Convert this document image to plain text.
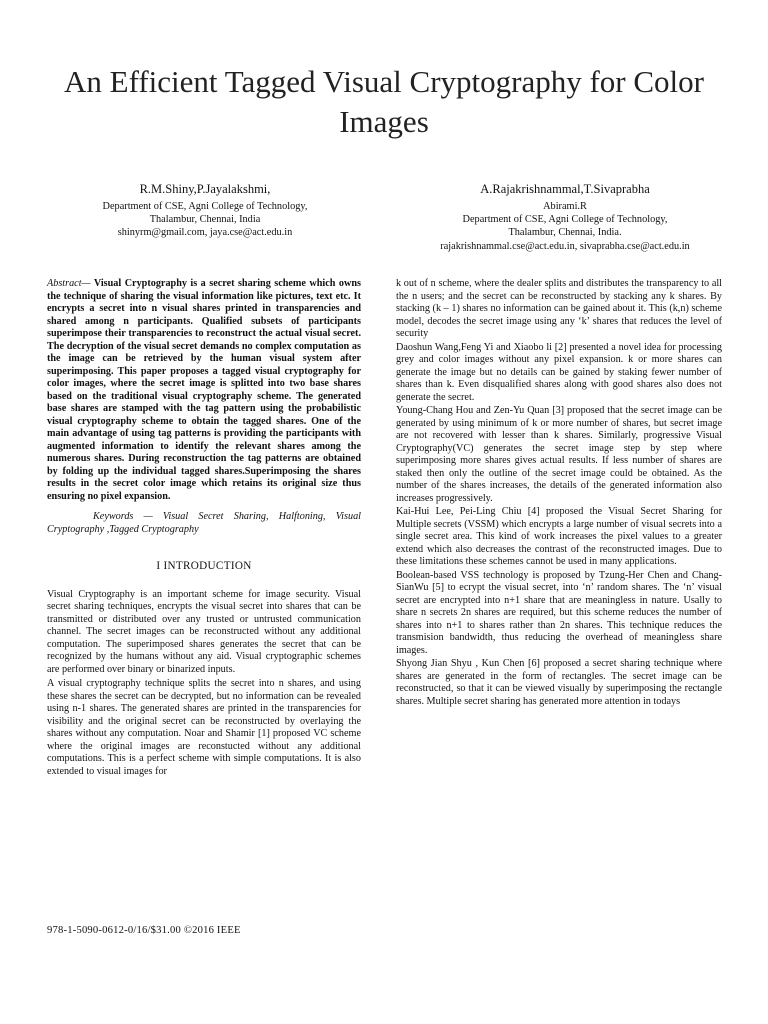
An Efficient Tagged Visual Cryptography for Color Images
R.M.Shiny,P.Jayalakshmi,
Department of CSE, Agni College of Technology,
Thalambur, Chennai, India
shinyrm@gmail.com, jaya.cse@act.edu.in
A.Rajakrishnammal,T.Sivaprabha
Abirami.R
Department of CSE, Agni College of Technology,
Thalambur, Chennai, India.
rajakrishnammal.cse@act.edu.in, sivaprabha.cse@act.edu.in

Abstract— Visual Cryptography is a secret sharing scheme which owns the technique of sharing the visual information like pictures, text etc. It encrypts a secret into n visual shares printed in transparencies and shared among n participants. Qualified subsets of participants superimpose their transparencies to reconstruct the actual visual secret. The decryption of the visual secret demands no complex computation as the image can be retrieved by the human visual system after superimposing. This paper proposes a tagged visual cryptography for color images, where the secret image is splitted into two base shares based on the traditional visual cryptography scheme. The generated base shares are stamped with the tag pattern using the probabilistic visual cryptography scheme to obtain the tagged shares. One of the main advantage of using tag patterns is providing the participants with augmented information to identify the relevant shares among the numerous shares. During reconstruction the tag patterns are obtained by folding up the individual tagged shares.Superimposing the shares results in the secret color image which retains its original size thus ensuring no pixel expansion.

Keywords — Visual Secret Sharing, Halftoning, Visual Cryptography ,Tagged Cryptography

I INTRODUCTION

Visual Cryptography is an important scheme for image security. Visual secret sharing techniques, encrypts the visual secret into shares that can be transmitted or distributed over any trusted or untrusted communication channel. The secret images can be reconstructed without any additional computation. The superimposed shares generates the secret that can be recognized by the humans without any aid. Visual cryptographic schemes are performed over binary or binarized inputs.

A visual cryptography technique splits the secret into n shares, and using these shares the secret can be decrypted, but no information can be revealed using n-1 shares. The generated shares are printed in the transparencies for visibility and the original secret can be reconstructed by overlaying the shares without any computation. Noar and Shamir [1] proposed VC scheme where the original images are reconstucted without any additional computations. This is a perfect scheme with simple computations. It is also extended to visual images for

k out of n scheme, where the dealer splits and distributes the transparency to all the n users; and the secret can be reconstructed by stacking any k shares. By stacking (k – 1) shares no information can be gained about it. This (k,n) scheme model, decodes the secret image using any ‘k’ shares that reduces the level of security

Daoshun Wang,Feng Yi and Xiaobo li [2] presented a novel idea for processing grey and color images without any pixel expansion. k or more shares can generate the image but no details can be gained by staking fewer number of shares than k. Even disqualified shares along with good shares also does not generate the secret.

Young-Chang Hou and Zen-Yu Quan [3] proposed that the secret image can be generated by using minimum of k or more number of shares, but secret image are not recovered with lesser than k shares. Similarly, progressive Visual Cryptography(VC) generates the secret image step by step where superimposing more shares gives actual results. If less number of shares are staked then only the outline of the secret image could be obtained. As the number of the shares increases, the details of the generated information also increases progressively.

Kai-Hui Lee, Pei-Ling Chiu [4] proposed the Visual Secret Sharing for Multiple secrets (VSSM) which encrypts a large number of visual secrets into a single secret area. This kind of work increases the pixel values to a greater extend which also decreases the contrast of the reconstructed images. Due to these limitations these schemes cannot be used in many applications.

Boolean-based VSS technology is proposed by Tzung-Her Chen and Chang-SianWu [5] to ecrypt the visual secret, into ‘n’ random shares. The ‘n’ visual secret are encrypted into n+1 share that are meaningless in nature. Usally to share n secrets 2n shares are required, but this scheme reduces the number of shares into n+1 to shares rather than 2n shares. This technique reduces the transmision bandwidth, thus reducing the overhead of meaningless share images.

Shyong Jian Shyu , Kun Chen [6] proposed a secret sharing technique where shares are generated in the form of rectangles. The secret image can be reconstructed, so that it can be viewed visually by superimposing the rectangle shares. Multiple secret sharing has generated more attention in todays

978-1-5090-0612-0/16/$31.00 ©2016 IEEE
